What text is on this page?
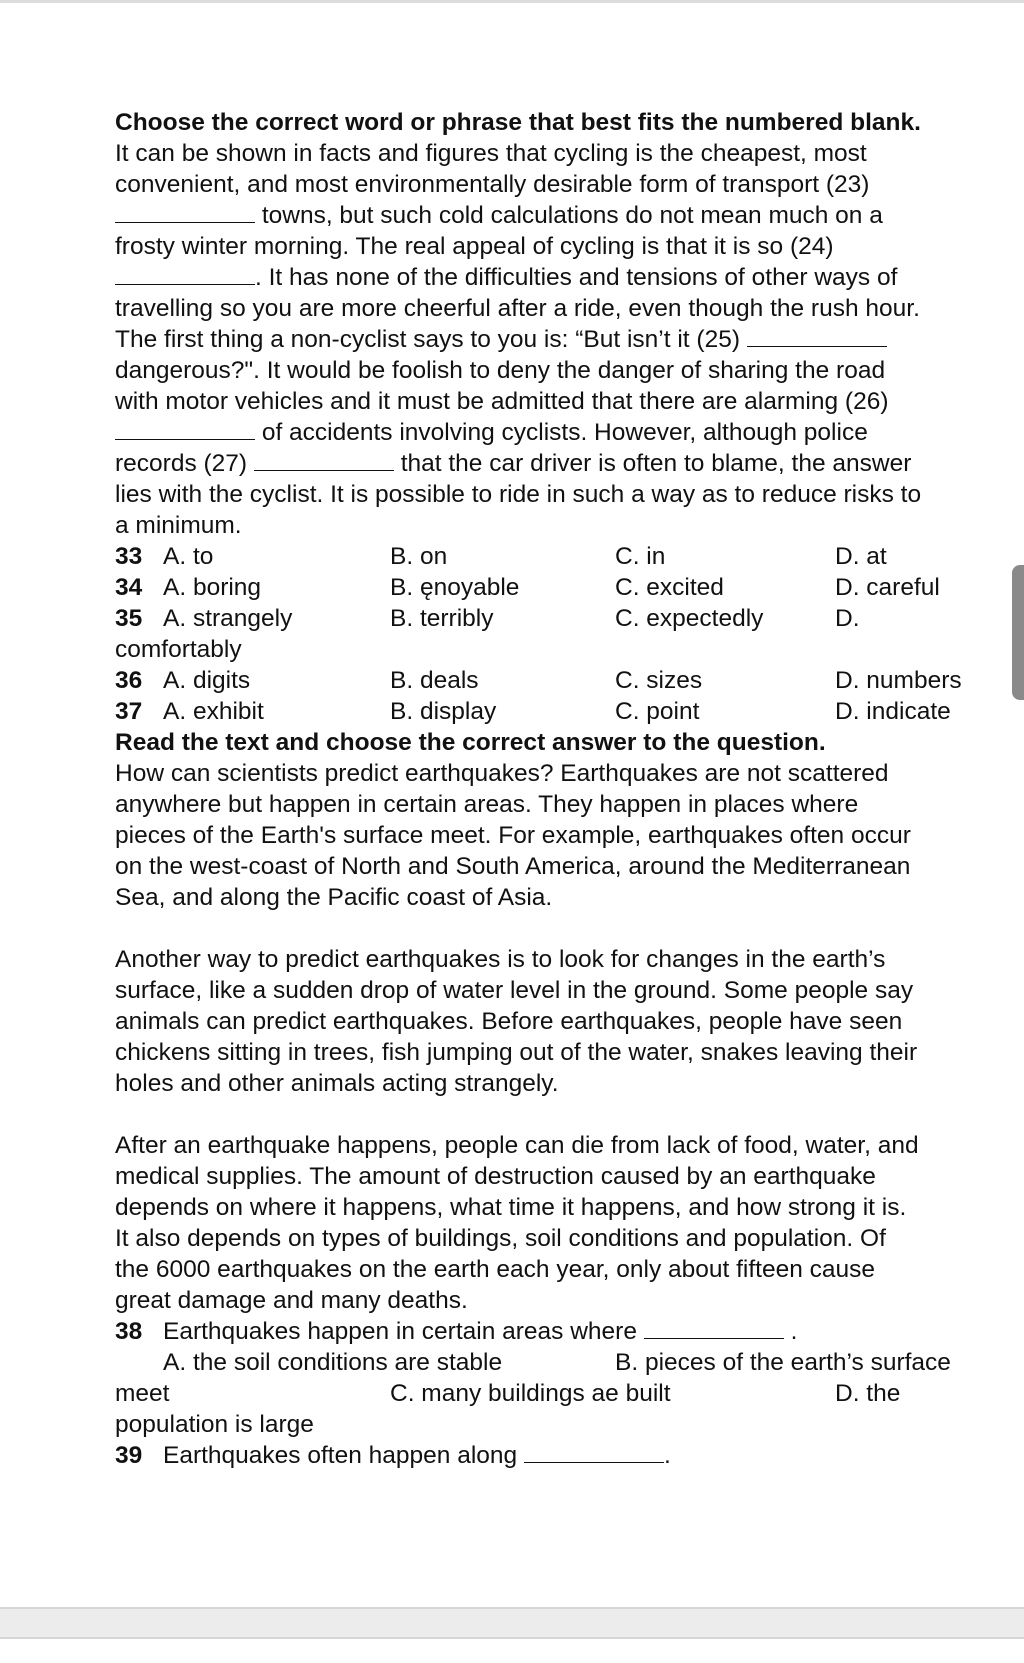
Choose the correct word or phrase that best fits the numbered blank.
It can be shown in facts and figures that cycling is the cheapest, most
convenient, and most environmentally desirable form of transport (23)
towns, but such cold calculations do not mean much on a
frosty winter morning. The real appeal of cycling is that it is so (24)
. It has none of the difficulties and tensions of other ways of
travelling so you are more cheerful after a ride, even though the rush hour.
The first thing a non-cyclist says to you is: “But isn’t it (25)
dangerous?". It would be foolish to deny the danger of sharing the road
with motor vehicles and it must be admitted that there are alarming (26)
of accidents involving cyclists. However, although police
records (27)	that the car driver is often to blame, the answer
lies with the cyclist. It is possible to ride in such a way as to reduce risks to
a minimum.
33 A. to	B. on	C. in	D. at
34 A. boring	B. ęnoyable	C. excited	D. careful
35 A. strangely	B. terribly	C. expectedly	D.
comfortably
36 A. digits	B. deals	C. sizes	D. numbers
37 A. exhibit	B. display	C. point	D. indicate
Read the text and choose the correct answer to the question.
How can scientists predict earthquakes? Earthquakes are not scattered
anywhere but happen in certain areas. They happen in places where
pieces of the Earth's surface meet. For example, earthquakes often occur
on the west-coast of North and South America, around the Mediterranean
Sea, and along the Pacific coast of Asia.
Another way to predict earthquakes is to look for changes in the earth’s
surface, like a sudden drop of water level in the ground. Some people say
animals can predict earthquakes. Before earthquakes, people have seen
chickens sitting in trees, fish jumping out of the water, snakes leaving their
holes and other animals acting strangely.
After an earthquake happens, people can die from lack of food, water, and
medical supplies. The amount of destruction caused by an earthquake
depends on where it happens, what time it happens, and how strong it is.
It also depends on types of buildings, soil conditions and population. Of
the 6000 earthquakes on the earth each year, only about fifteen cause
great damage and many deaths.
38 Earthquakes happen in certain areas where	.
A. the soil conditions are stable	B. pieces of the earth’s surface
meet	C. many buildings ae built	D. the
population is large
39 Earthquakes often happen along	.
